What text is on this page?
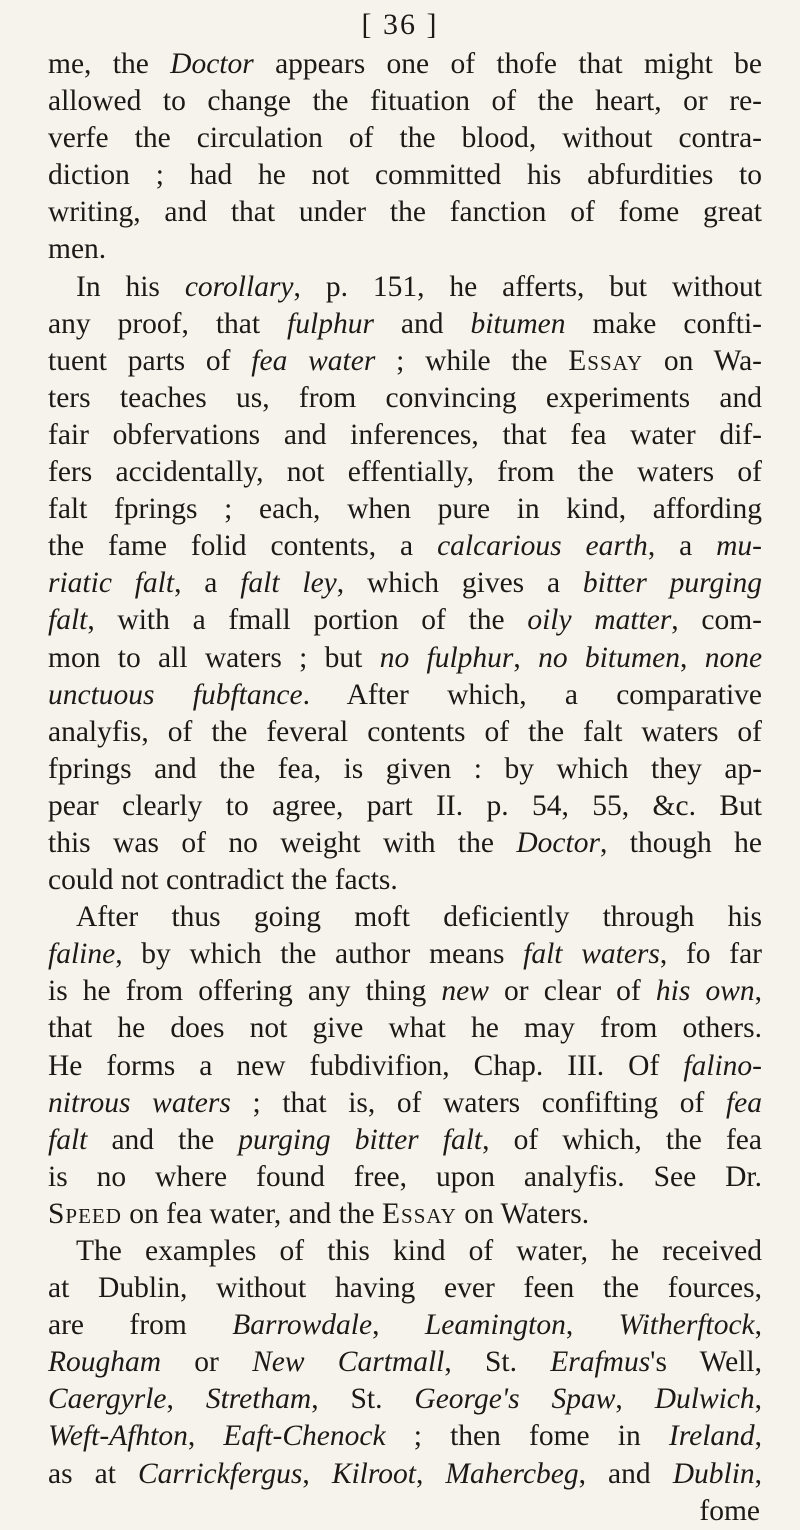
[ 36 ]
me, the Doctor appears one of thofe that might be
allowed to change the fituation of the heart, or re-
verfe the circulation of the blood, without contra-
diction ; had he not committed his abfurdities to
writing, and that under the fanction of fome great
men.
In his corollary, p. 151, he afferts, but without
any proof, that fulphur and bitumen make confti-
tuent parts of fea water ; while the Essay on Wa-
ters teaches us, from convincing experiments and
fair obfervations and inferences, that fea water dif-
fers accidentally, not effentially, from the waters of
falt fprings ; each, when pure in kind, affording
the fame folid contents, a calcarious earth, a mu-
riatic falt, a falt ley, which gives a bitter purging
falt, with a fmall portion of the oily matter, com-
mon to all waters ; but no fulphur, no bitumen, none
unctuous fubftance. After which, a comparative
analyfis, of the feveral contents of the falt waters of
fprings and the fea, is given : by which they ap-
pear clearly to agree, part II. p. 54, 55, &c. But
this was of no weight with the Doctor, though he
could not contradict the facts.
After thus going moft deficiently through his
faline, by which the author means falt waters, fo far
is he from offering any thing new or clear of his own,
that he does not give what he may from others.
He forms a new fubdivifion, Chap. III. Of falino-
nitrous waters ; that is, of waters confifting of fea
falt and the purging bitter falt, of which, the fea
is no where found free, upon analyfis. See Dr.
Speed on fea water, and the Essay on Waters.
The examples of this kind of water, he received
at Dublin, without having ever feen the fources,
are from Barrowdale, Leamington, Witherftock,
Rougham or New Cartmall, St. Erafmus's Well,
Caergyrle, Stretham, St. George's Spaw, Dulwich,
Weft-Afhton, Eaft-Chenock ; then fome in Ireland,
as at Carrickfergus, Kilroot, Mahercbeg, and Dublin,
fome
